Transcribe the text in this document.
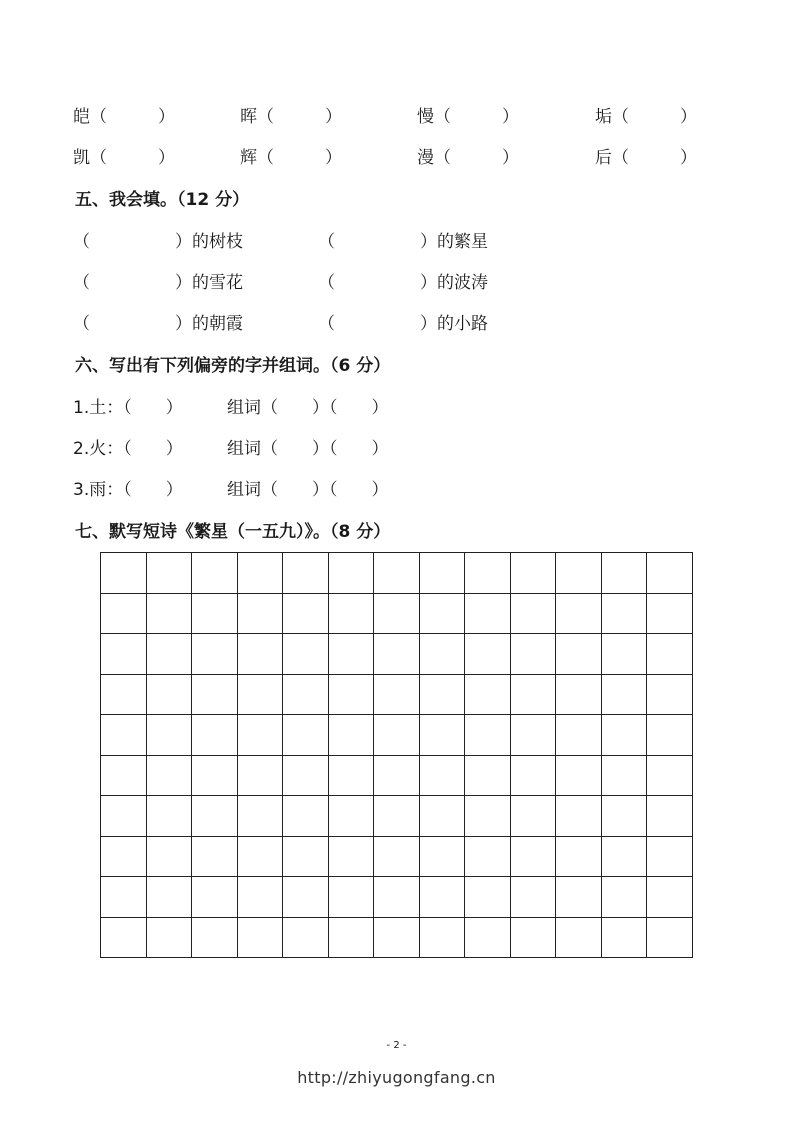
皑（　　　）	晖（　　　）	慢（　　　）	垢（　　　）
凯（　　　）	辉（　　　）	漫（　　　）	后（　　　）
五、我会填。（12 分）
（　　　　　）的树枝	（　　　　　）的繁星
（　　　　　）的雪花	（　　　　　）的波涛
（　　　　　）的朝霞	（　　　　　）的小路
六、写出有下列偏旁的字并组词。（6 分）
1.土：（　　）	组词（　　）（　　）
2.火：（　　）	组词（　　）（　　）
3.雨：（　　）	组词（　　）（　　）
七、默写短诗《繁星（一五九）》。（8 分）

- 2 -
http://zhiyugongfang.cn
